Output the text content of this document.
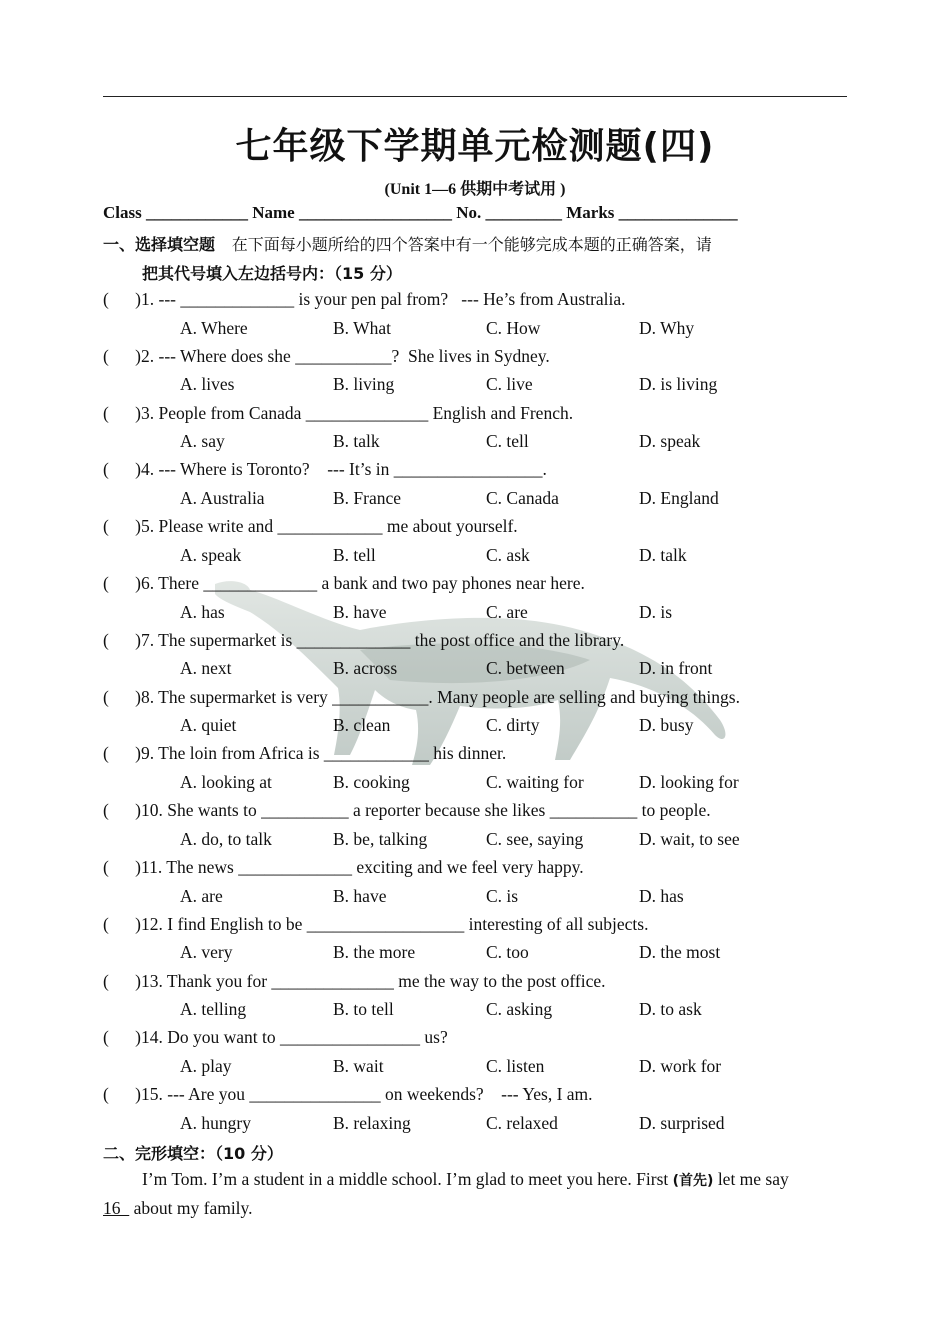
七年级下学期单元检测题(四)
(Unit 1—6 供期中考试用 )
Class ____________ Name __________________ No. _________ Marks ______________
一、选择填空题 在下面每小题所给的四个答案中有一个能够完成本题的正确答案，请
把其代号填入左边括号内：（15 分）
(      )1. --- _____________ is your pen pal from?   --- He’s from Australia.
A. Where	B. What	C. How	D. Why
(      )2. --- Where does she ___________?  She lives in Sydney.
A. lives	B. living	C. live	D. is living
(      )3. People from Canada ______________ English and French.
A. say	B. talk	C. tell	D. speak
(      )4. --- Where is Toronto?    --- It’s in _________________.
A. Australia	B. France	C. Canada	D. England
(      )5. Please write and ____________ me about yourself.
A. speak	B. tell	C. ask	D. talk
(      )6. There _____________ a bank and two pay phones near here.
A. has	B. have	C. are	D. is
(      )7. The supermarket is _____________ the post office and the library.
A. next	B. across	C. between	D. in front
(      )8. The supermarket is very ___________. Many people are selling and buying things.
A. quiet	B. clean	C. dirty	D. busy
(      )9. The loin from Africa is ____________ his dinner.
A. looking at	B. cooking	C. waiting for	D. looking for
(      )10. She wants to __________ a reporter because she likes __________ to people.
A. do, to talk	B. be, talking	C. see, saying	D. wait, to see
(      )11. The news _____________ exciting and we feel very happy.
A. are	B. have	C. is	D. has
(      )12. I find English to be __________________ interesting of all subjects.
A. very	B. the more	C. too	D. the most
(      )13. Thank you for ______________ me the way to the post office.
A. telling	B. to tell	C. asking	D. to ask
(      )14. Do you want to ________________ us?
A. play	B. wait	C. listen	D. work for
(      )15. --- Are you _______________ on weekends?    --- Yes, I am.
A. hungry	B. relaxing	C. relaxed	D. surprised
二、完形填空：（10 分）
I’m Tom. I’m a student in a middle school. I’m glad to meet you here. First (首先) let me say
16   about my family.
